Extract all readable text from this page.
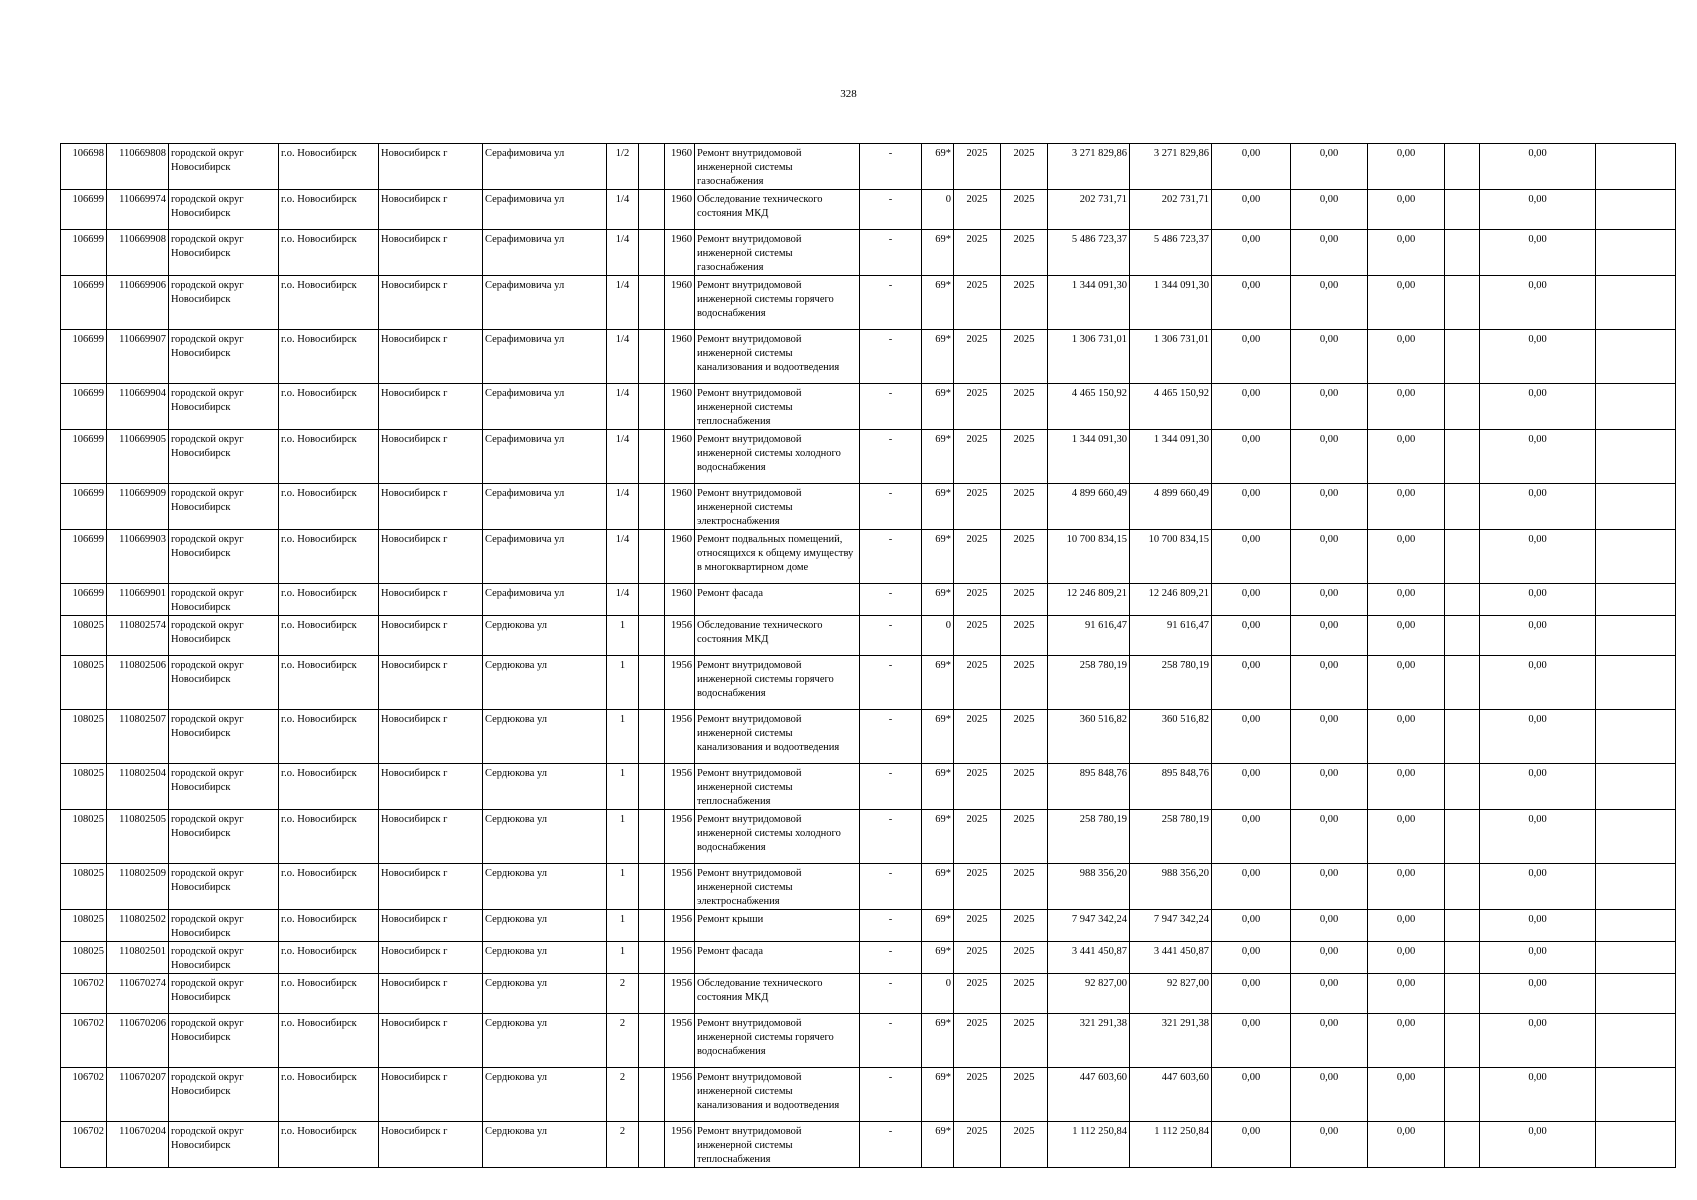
328
106698	110669808	городской округ Новосибирск	г.о. Новосибирск	Новосибирск г	Серафимовича ул	1/2		1960	Ремонт внутридомовой инженерной системы газоснабжения	-	69*	2025	2025	3 271 829,86	3 271 829,86	0,00	0,00	0,00		0,00	
106699	110669974	городской округ Новосибирск	г.о. Новосибирск	Новосибирск г	Серафимовича ул	1/4		1960	Обследование технического состояния МКД	-	0	2025	2025	202 731,71	202 731,71	0,00	0,00	0,00		0,00	
106699	110669908	городской округ Новосибирск	г.о. Новосибирск	Новосибирск г	Серафимовича ул	1/4		1960	Ремонт внутридомовой инженерной системы газоснабжения	-	69*	2025	2025	5 486 723,37	5 486 723,37	0,00	0,00	0,00		0,00	
106699	110669906	городской округ Новосибирск	г.о. Новосибирск	Новосибирск г	Серафимовича ул	1/4		1960	Ремонт внутридомовой инженерной системы горячего водоснабжения	-	69*	2025	2025	1 344 091,30	1 344 091,30	0,00	0,00	0,00		0,00	
106699	110669907	городской округ Новосибирск	г.о. Новосибирск	Новосибирск г	Серафимовича ул	1/4		1960	Ремонт внутридомовой инженерной системы канализования и водоотведения	-	69*	2025	2025	1 306 731,01	1 306 731,01	0,00	0,00	0,00		0,00	
106699	110669904	городской округ Новосибирск	г.о. Новосибирск	Новосибирск г	Серафимовича ул	1/4		1960	Ремонт внутридомовой инженерной системы теплоснабжения	-	69*	2025	2025	4 465 150,92	4 465 150,92	0,00	0,00	0,00		0,00	
106699	110669905	городской округ Новосибирск	г.о. Новосибирск	Новосибирск г	Серафимовича ул	1/4		1960	Ремонт внутридомовой инженерной системы холодного водоснабжения	-	69*	2025	2025	1 344 091,30	1 344 091,30	0,00	0,00	0,00		0,00	
106699	110669909	городской округ Новосибирск	г.о. Новосибирск	Новосибирск г	Серафимовича ул	1/4		1960	Ремонт внутридомовой инженерной системы электроснабжения	-	69*	2025	2025	4 899 660,49	4 899 660,49	0,00	0,00	0,00		0,00	
106699	110669903	городской округ Новосибирск	г.о. Новосибирск	Новосибирск г	Серафимовича ул	1/4		1960	Ремонт подвальных помещений, относящихся к общему имуществу в многоквартирном доме	-	69*	2025	2025	10 700 834,15	10 700 834,15	0,00	0,00	0,00		0,00	
106699	110669901	городской округ Новосибирск	г.о. Новосибирск	Новосибирск г	Серафимовича ул	1/4		1960	Ремонт фасада	-	69*	2025	2025	12 246 809,21	12 246 809,21	0,00	0,00	0,00		0,00	
108025	110802574	городской округ Новосибирск	г.о. Новосибирск	Новосибирск г	Сердюкова ул	1		1956	Обследование технического состояния МКД	-	0	2025	2025	91 616,47	91 616,47	0,00	0,00	0,00		0,00	
108025	110802506	городской округ Новосибирск	г.о. Новосибирск	Новосибирск г	Сердюкова ул	1		1956	Ремонт внутридомовой инженерной системы горячего водоснабжения	-	69*	2025	2025	258 780,19	258 780,19	0,00	0,00	0,00		0,00	
108025	110802507	городской округ Новосибирск	г.о. Новосибирск	Новосибирск г	Сердюкова ул	1		1956	Ремонт внутридомовой инженерной системы канализования и водоотведения	-	69*	2025	2025	360 516,82	360 516,82	0,00	0,00	0,00		0,00	
108025	110802504	городской округ Новосибирск	г.о. Новосибирск	Новосибирск г	Сердюкова ул	1		1956	Ремонт внутридомовой инженерной системы теплоснабжения	-	69*	2025	2025	895 848,76	895 848,76	0,00	0,00	0,00		0,00	
108025	110802505	городской округ Новосибирск	г.о. Новосибирск	Новосибирск г	Сердюкова ул	1		1956	Ремонт внутридомовой инженерной системы холодного водоснабжения	-	69*	2025	2025	258 780,19	258 780,19	0,00	0,00	0,00		0,00	
108025	110802509	городской округ Новосибирск	г.о. Новосибирск	Новосибирск г	Сердюкова ул	1		1956	Ремонт внутридомовой инженерной системы электроснабжения	-	69*	2025	2025	988 356,20	988 356,20	0,00	0,00	0,00		0,00	
108025	110802502	городской округ Новосибирск	г.о. Новосибирск	Новосибирск г	Сердюкова ул	1		1956	Ремонт крыши	-	69*	2025	2025	7 947 342,24	7 947 342,24	0,00	0,00	0,00		0,00	
108025	110802501	городской округ Новосибирск	г.о. Новосибирск	Новосибирск г	Сердюкова ул	1		1956	Ремонт фасада	-	69*	2025	2025	3 441 450,87	3 441 450,87	0,00	0,00	0,00		0,00	
106702	110670274	городской округ Новосибирск	г.о. Новосибирск	Новосибирск г	Сердюкова ул	2		1956	Обследование технического состояния МКД	-	0	2025	2025	92 827,00	92 827,00	0,00	0,00	0,00		0,00	
106702	110670206	городской округ Новосибирск	г.о. Новосибирск	Новосибирск г	Сердюкова ул	2		1956	Ремонт внутридомовой инженерной системы горячего водоснабжения	-	69*	2025	2025	321 291,38	321 291,38	0,00	0,00	0,00		0,00	
106702	110670207	городской округ Новосибирск	г.о. Новосибирск	Новосибирск г	Сердюкова ул	2		1956	Ремонт внутридомовой инженерной системы канализования и водоотведения	-	69*	2025	2025	447 603,60	447 603,60	0,00	0,00	0,00		0,00	
106702	110670204	городской округ Новосибирск	г.о. Новосибирск	Новосибирск г	Сердюкова ул	2		1956	Ремонт внутридомовой инженерной системы теплоснабжения	-	69*	2025	2025	1 112 250,84	1 112 250,84	0,00	0,00	0,00		0,00	
